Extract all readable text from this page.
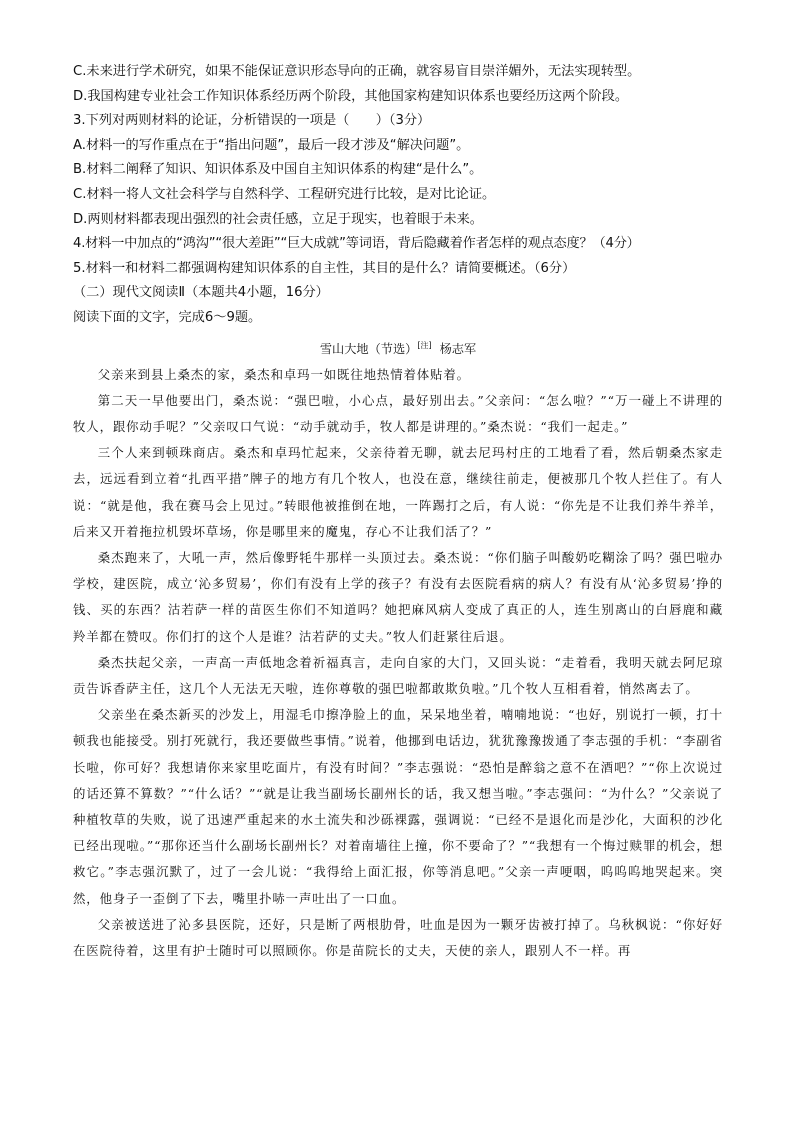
C.未来进行学术研究，如果不能保证意识形态导向的正确，就容易盲目崇洋媚外，无法实现转型。

D.我国构建专业社会工作知识体系经历两个阶段，其他国家构建知识体系也要经历这两个阶段。

3.下列对两则材料的论证，分析错误的一项是（　　）（3分）

A.材料一的写作重点在于“指出问题”，最后一段才涉及“解决问题”。

B.材料二阐释了知识、知识体系及中国自主知识体系的构建“是什么”。

C.材料一将人文社会科学与自然科学、工程研究进行比较，是对比论证。

D.两则材料都表现出强烈的社会责任感，立足于现实，也着眼于未来。

4.材料一中加点的“鸿沟”“很大差距”“巨大成就”等词语，背后隐藏着作者怎样的观点态度？（4分）

5.材料一和材料二都强调构建知识体系的自主性，其目的是什么？请简要概述。（6分）

（二）现代文阅读Ⅱ（本题共4小题，16分）

阅读下面的文字，完成6～9题。

雪山大地（节选）[注] 杨志军

父亲来到县上桑杰的家，桑杰和卓玛一如既往地热情着体贴着。

第二天一早他要出门，桑杰说：“强巴啦，小心点，最好别出去。”父亲问：“怎么啦？”“万一碰上不讲理的牧人，跟你动手呢？”父亲叹口气说：“动手就动手，牧人都是讲理的。”桑杰说：“我们一起走。”

三个人来到顿珠商店。桑杰和卓玛忙起来，父亲待着无聊，就去尼玛村庄的工地看了看，然后朝桑杰家走去，远远看到立着“扎西平措”牌子的地方有几个牧人，也没在意，继续往前走，便被那几个牧人拦住了。有人说：“就是他，我在赛马会上见过。”转眼他被推倒在地，一阵踢打之后，有人说：“你先是不让我们养牛养羊，后来又开着拖拉机毁坏草场，你是哪里来的魔鬼，存心不让我们活了？”

桑杰跑来了，大吼一声，然后像野牦牛那样一头顶过去。桑杰说：“你们脑子叫酸奶吃糊涂了吗？强巴啦办学校，建医院，成立‘沁多贸易’，你们有没有上学的孩子？有没有去医院看病的病人？有没有从‘沁多贸易’挣的钱、买的东西？沽若萨一样的苗医生你们不知道吗？她把麻风病人变成了真正的人，连生别离山的白唇鹿和藏羚羊都在赞叹。你们打的这个人是谁？沽若萨的丈夫。”牧人们赶紧往后退。

桑杰扶起父亲，一声高一声低地念着祈福真言，走向自家的大门，又回头说：“走着看，我明天就去阿尼琼贡告诉香萨主任，这几个人无法无天啦，连你尊敬的强巴啦都敢欺负啦。”几个牧人互相看着，悄然离去了。

父亲坐在桑杰新买的沙发上，用湿毛巾擦净脸上的血，呆呆地坐着，喃喃地说：“也好，别说打一顿，打十顿我也能接受。别打死就行，我还要做些事情。”说着，他挪到电话边，犹犹豫豫拨通了李志强的手机：“李副省长啦，你可好？我想请你来家里吃面片，有没有时间？”李志强说：“恐怕是醉翁之意不在酒吧？”“你上次说过的话还算不算数？”“什么话？”“就是让我当副场长副州长的话，我又想当啦。”李志强问：“为什么？”父亲说了种植牧草的失败，说了迅速严重起来的水土流失和沙砾裸露，强调说：“已经不是退化而是沙化，大面积的沙化已经出现啦。”“那你还当什么副场长副州长？对着南墙往上撞，你不要命了？”“我想有一个悔过赎罪的机会，想救它。”李志强沉默了，过了一会儿说：“我得给上面汇报，你等消息吧。”父亲一声哽咽，呜呜呜地哭起来。突然，他身子一歪倒了下去，嘴里扑哧一声吐出了一口血。

父亲被送进了沁多县医院，还好，只是断了两根肋骨，吐血是因为一颗牙齿被打掉了。乌秋枫说：“你好好在医院待着，这里有护士随时可以照顾你。你是苗院长的丈夫，天使的亲人，跟别人不一样。再
